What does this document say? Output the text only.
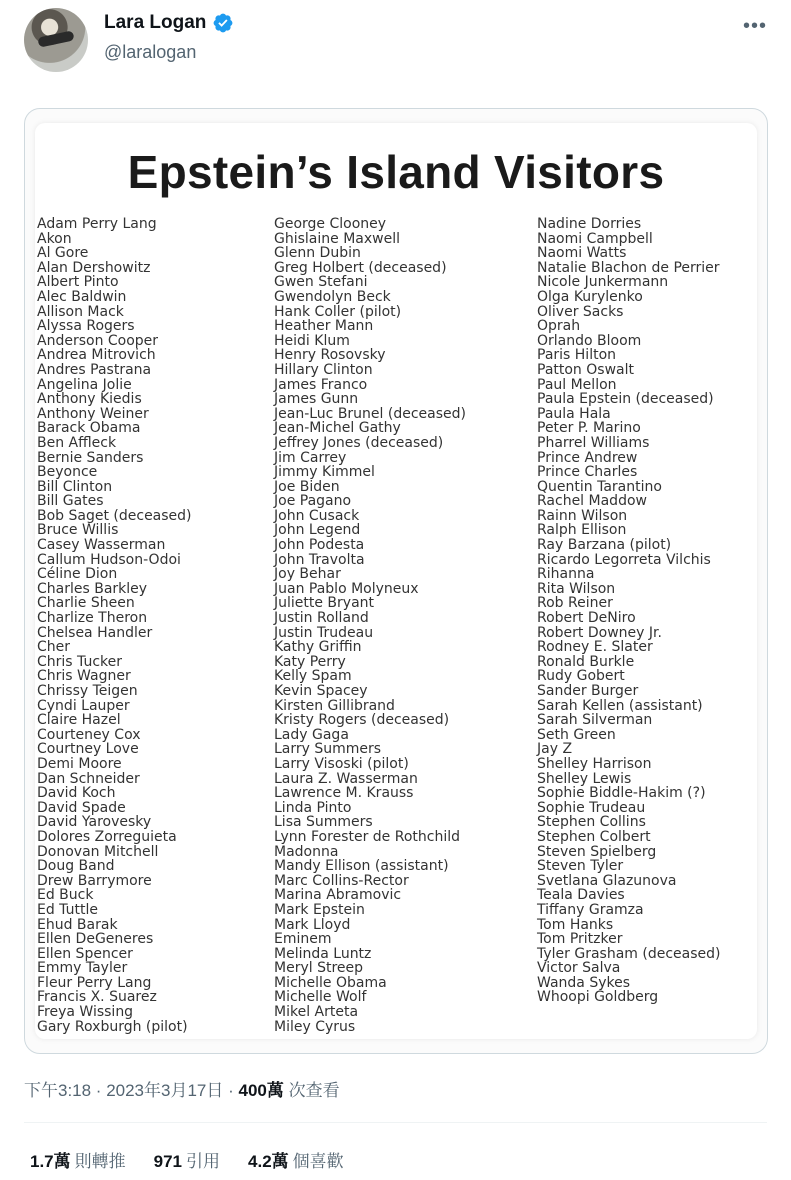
Lara Logan
@laralogan
•••
Epstein’s Island Visitors
Adam Perry Lang
Akon
Al Gore
Alan Dershowitz
Albert Pinto
Alec Baldwin
Allison Mack
Alyssa Rogers
Anderson Cooper
Andrea Mitrovich
Andres Pastrana
Angelina Jolie
Anthony Kiedis
Anthony Weiner
Barack Obama
Ben Affleck
Bernie Sanders
Beyonce
Bill Clinton
Bill Gates
Bob Saget (deceased)
Bruce Willis
Casey Wasserman
Callum Hudson-Odoi
Céline Dion
Charles Barkley
Charlie Sheen
Charlize Theron
Chelsea Handler
Cher
Chris Tucker
Chris Wagner
Chrissy Teigen
Cyndi Lauper
Claire Hazel
Courteney Cox
Courtney Love
Demi Moore
Dan Schneider
David Koch
David Spade
David Yarovesky
Dolores Zorreguieta
Donovan Mitchell
Doug Band
Drew Barrymore
Ed Buck
Ed Tuttle
Ehud Barak
Ellen DeGeneres
Ellen Spencer
Emmy Tayler
Fleur Perry Lang
Francis X. Suarez
Freya Wissing
Gary Roxburgh (pilot)
George Clooney
Ghislaine Maxwell
Glenn Dubin
Greg Holbert (deceased)
Gwen Stefani
Gwendolyn Beck
Hank Coller (pilot)
Heather Mann
Heidi Klum
Henry Rosovsky
Hillary Clinton
James Franco
James Gunn
Jean-Luc Brunel (deceased)
Jean-Michel Gathy
Jeffrey Jones (deceased)
Jim Carrey
Jimmy Kimmel
Joe Biden
Joe Pagano
John Cusack
John Legend
John Podesta
John Travolta
Joy Behar
Juan Pablo Molyneux
Juliette Bryant
Justin Rolland
Justin Trudeau
Kathy Griffin
Katy Perry
Kelly Spam
Kevin Spacey
Kirsten Gillibrand
Kristy Rogers (deceased)
Lady Gaga
Larry Summers
Larry Visoski (pilot)
Laura Z. Wasserman
Lawrence M. Krauss
Linda Pinto
Lisa Summers
Lynn Forester de Rothchild
Madonna
Mandy Ellison (assistant)
Marc Collins-Rector
Marina Abramovic
Mark Epstein
Mark Lloyd
Eminem
Melinda Luntz
Meryl Streep
Michelle Obama
Michelle Wolf
Mikel Arteta
Miley Cyrus
Nadine Dorries
Naomi Campbell
Naomi Watts
Natalie Blachon de Perrier
Nicole Junkermann
Olga Kurylenko
Oliver Sacks
Oprah
Orlando Bloom
Paris Hilton
Patton Oswalt
Paul Mellon
Paula Epstein (deceased)
Paula Hala
Peter P. Marino
Pharrel Williams
Prince Andrew
Prince Charles
Quentin Tarantino
Rachel Maddow
Rainn Wilson
Ralph Ellison
Ray Barzana (pilot)
Ricardo Legorreta Vilchis
Rihanna
Rita Wilson
Rob Reiner
Robert DeNiro
Robert Downey Jr.
Rodney E. Slater
Ronald Burkle
Rudy Gobert
Sander Burger
Sarah Kellen (assistant)
Sarah Silverman
Seth Green
Jay Z
Shelley Harrison
Shelley Lewis
Sophie Biddle-Hakim (?)
Sophie Trudeau
Stephen Collins
Stephen Colbert
Steven Spielberg
Steven Tyler
Svetlana Glazunova
Teala Davies
Tiffany Gramza
Tom Hanks
Tom Pritzker
Tyler Grasham (deceased)
Victor Salva
Wanda Sykes
Whoopi Goldberg
下午3:18 · 2023年3月17日 · 400萬 次查看
1.7萬 則轉推 971 引用 4.2萬 個喜歡
